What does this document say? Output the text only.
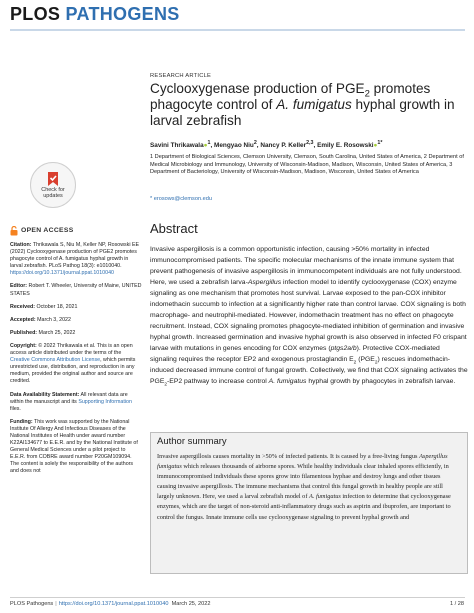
PLOS PATHOGENS
Check for
updates
OPEN ACCESS

Citation: Thrikawala S, Niu M, Keller NP, Rosowski EE (2022) Cyclooxygenase production of PGE2 promotes phagocyte control of A. fumigatus hyphal growth in larval zebrafish. PLoS Pathog 18(3): e1010040. https://doi.org/10.1371/journal.ppat.1010040

Editor: Robert T. Wheeler, University of Maine, UNITED STATES

Received: October 18, 2021

Accepted: March 3, 2022

Published: March 25, 2022

Copyright: © 2022 Thrikawala et al. This is an open access article distributed under the terms of the Creative Commons Attribution License, which permits unrestricted use, distribution, and reproduction in any medium, provided the original author and source are credited.

Data Availability Statement: All relevant data are within the manuscript and its Supporting Information files.

Funding: This work was supported by the National Institute Of Allergy And Infectious Diseases of the National Institutes of Health under award number K22AI134677 to E.E.R. and by the National Institute of General Medical Sciences under a pilot project to E.E.R. from COBRE award number P20GM109094. The content is solely the responsibility of the authors and does not

RESEARCH ARTICLE
Cyclooxygenase production of $PGE_2$ promotes phagocyte control of A. fumigatus hyphal growth in larval zebrafish
Savini Thrikawala●$^1$, Mengyao Niu$^2$, Nancy P. Keller$^{2,3}$, Emily E. Rosowski●$^{1*}$
1 Department of Biological Sciences, Clemson University, Clemson, South Carolina, United States of America, 2 Department of Medical Microbiology and Immunology, University of Wisconsin-Madison, Madison, Wisconsin, United States of America, 3 Department of Bacteriology, University of Wisconsin-Madison, Madison, Wisconsin, United States of America
* erosows@clemson.edu
Abstract
Invasive aspergillosis is a common opportunistic infection, causing >50% mortality in infected immunocompromised patients. The specific molecular mechanisms of the innate immune system that prevent pathogenesis of invasive aspergillosis in immunocompetent individuals are not fully understood. Here, we used a zebrafish larva-Aspergillus infection model to identify cyclooxygenase (COX) enzyme signaling as one mechanism that promotes host survival. Larvae exposed to the pan-COX inhibitor indomethacin succumb to infection at a significantly higher rate than control larvae. COX signaling is both macrophage- and neutrophil-mediated. However, indomethacin treatment has no effect on phagocyte recruitment. Instead, COX signaling promotes phagocyte-mediated inhibition of germination and invasive hyphal growth. Increased germination and invasive hyphal growth is also observed in infected F0 crispant larvae with mutations in genes encoding for COX enzymes (ptgs2a/b). Protective COX-mediated signaling requires the receptor EP2 and exogenous prostaglandin $E_2$ $(PGE_2)$ rescues indomethacin-induced decreased immune control of fungal growth. Collectively, we find that COX signaling activates the $PGE_2-EP2$ pathway to increase control A. fumigatus hyphal growth by phagocytes in zebrafish larvae.
Author summary
Invasive aspergillosis causes mortality in >50% of infected patients. It is caused by a free-living fungus Aspergillus fumigatus which releases thousands of airborne spores. While healthy individuals clear inhaled spores efficiently, in immunocompromised individuals these spores grow into filamentous hyphae and destroy lungs and other tissues causing invasive aspergillosis. The immune mechanisms that control this fungal growth in healthy people are still largely unknown. Here, we used a larval zebrafish model of A. fumigatus infection to determine that cyclooxygenase enzymes, which are the target of non-steroid anti-inflammatory drugs such as aspirin and ibuprofen, are important to control the fungus. Innate immune cells use cyclooxygenase signaling to prevent hyphal growth and
PLOS Pathogens | https://doi.org/10.1371/journal.ppat.1010040 March 25, 2022	1 / 28
